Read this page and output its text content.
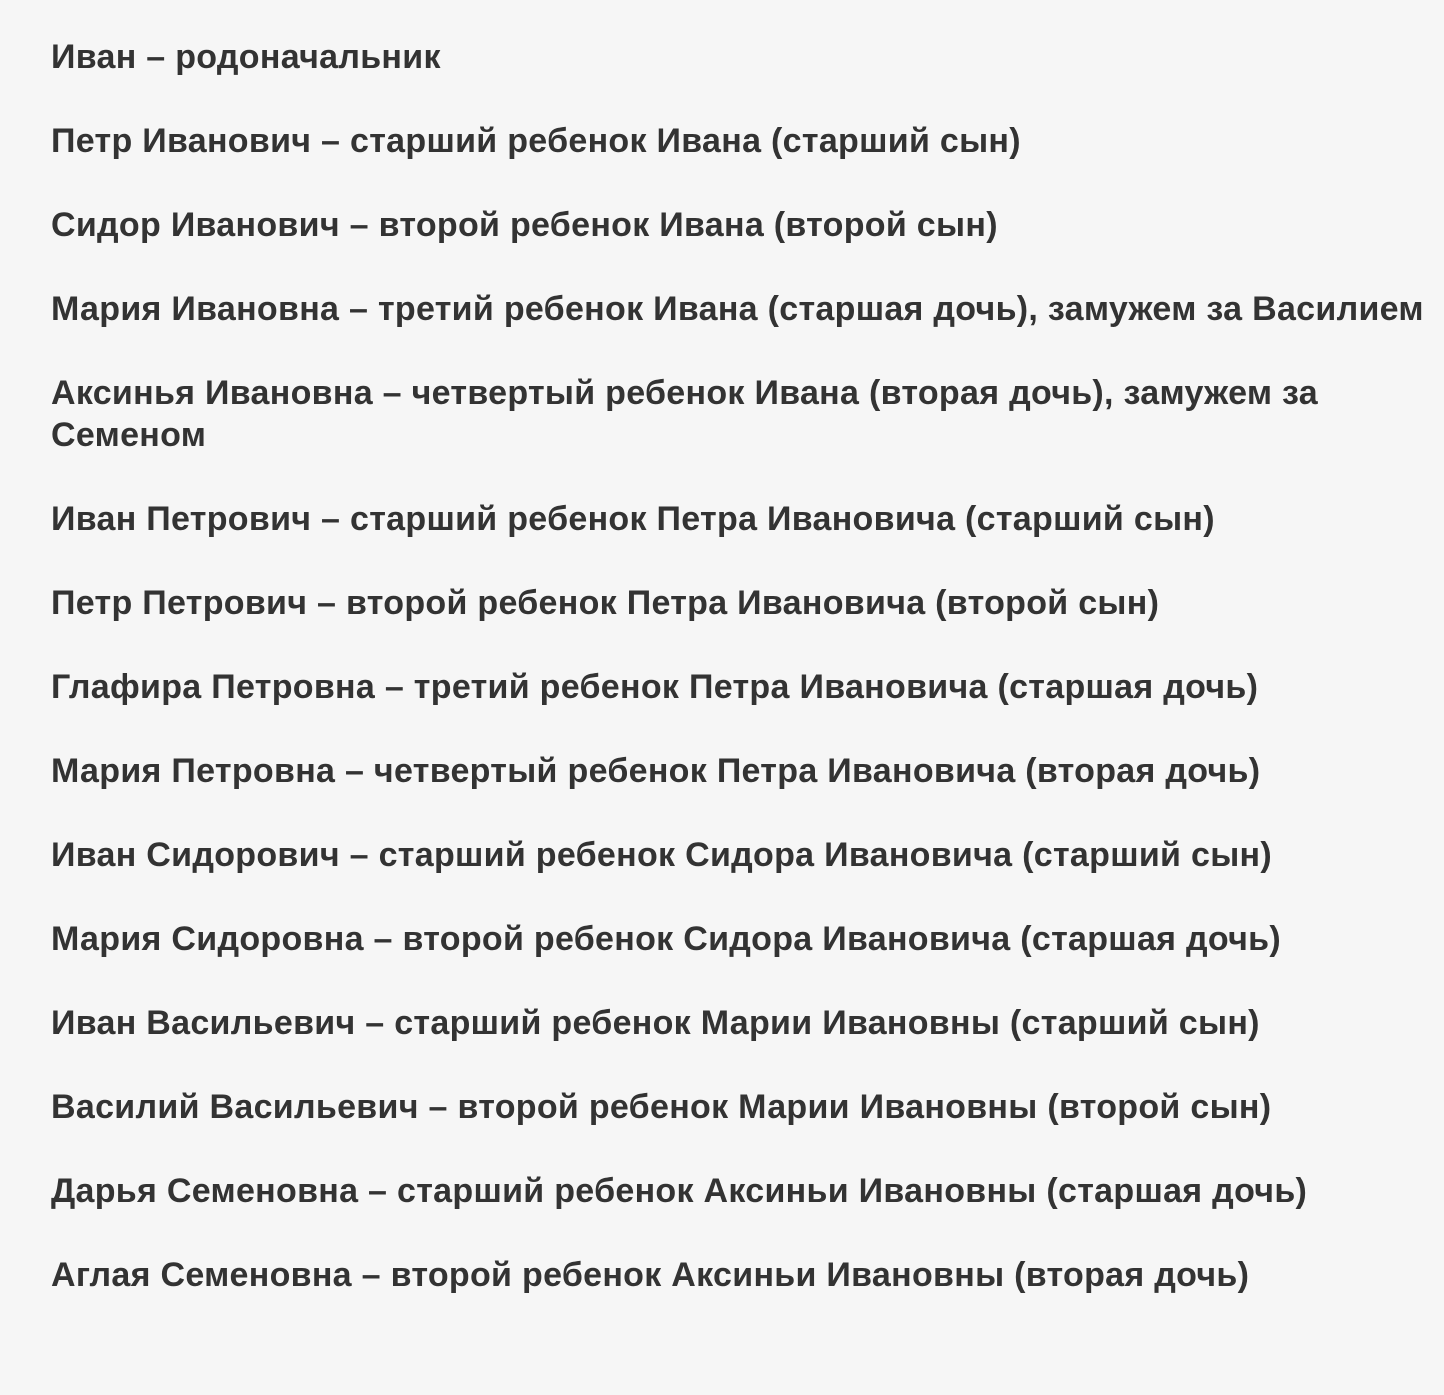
Иван – родоначальник

Петр Иванович – старший ребенок Ивана (старший сын)

Сидор Иванович – второй ребенок Ивана (второй сын)

Мария Ивановна – третий ребенок Ивана (старшая дочь), замужем за Василием

Аксинья Ивановна – четвертый ребенок Ивана (вторая дочь), замужем за Семеном

Иван Петрович – старший ребенок Петра Ивановича (старший сын)

Петр Петрович – второй ребенок Петра Ивановича (второй сын)

Глафира Петровна – третий ребенок Петра Ивановича (старшая дочь)

Мария Петровна – четвертый ребенок Петра Ивановича (вторая дочь)

Иван Сидорович – старший ребенок Сидора Ивановича (старший сын)

Мария Сидоровна – второй ребенок Сидора Ивановича (старшая дочь)

Иван Васильевич – старший ребенок Марии Ивановны (старший сын)

Василий Васильевич – второй ребенок Марии Ивановны (второй сын)

Дарья Семеновна – старший ребенок Аксиньи Ивановны (старшая дочь)

Аглая Семеновна – второй ребенок Аксиньи Ивановны (вторая дочь)
